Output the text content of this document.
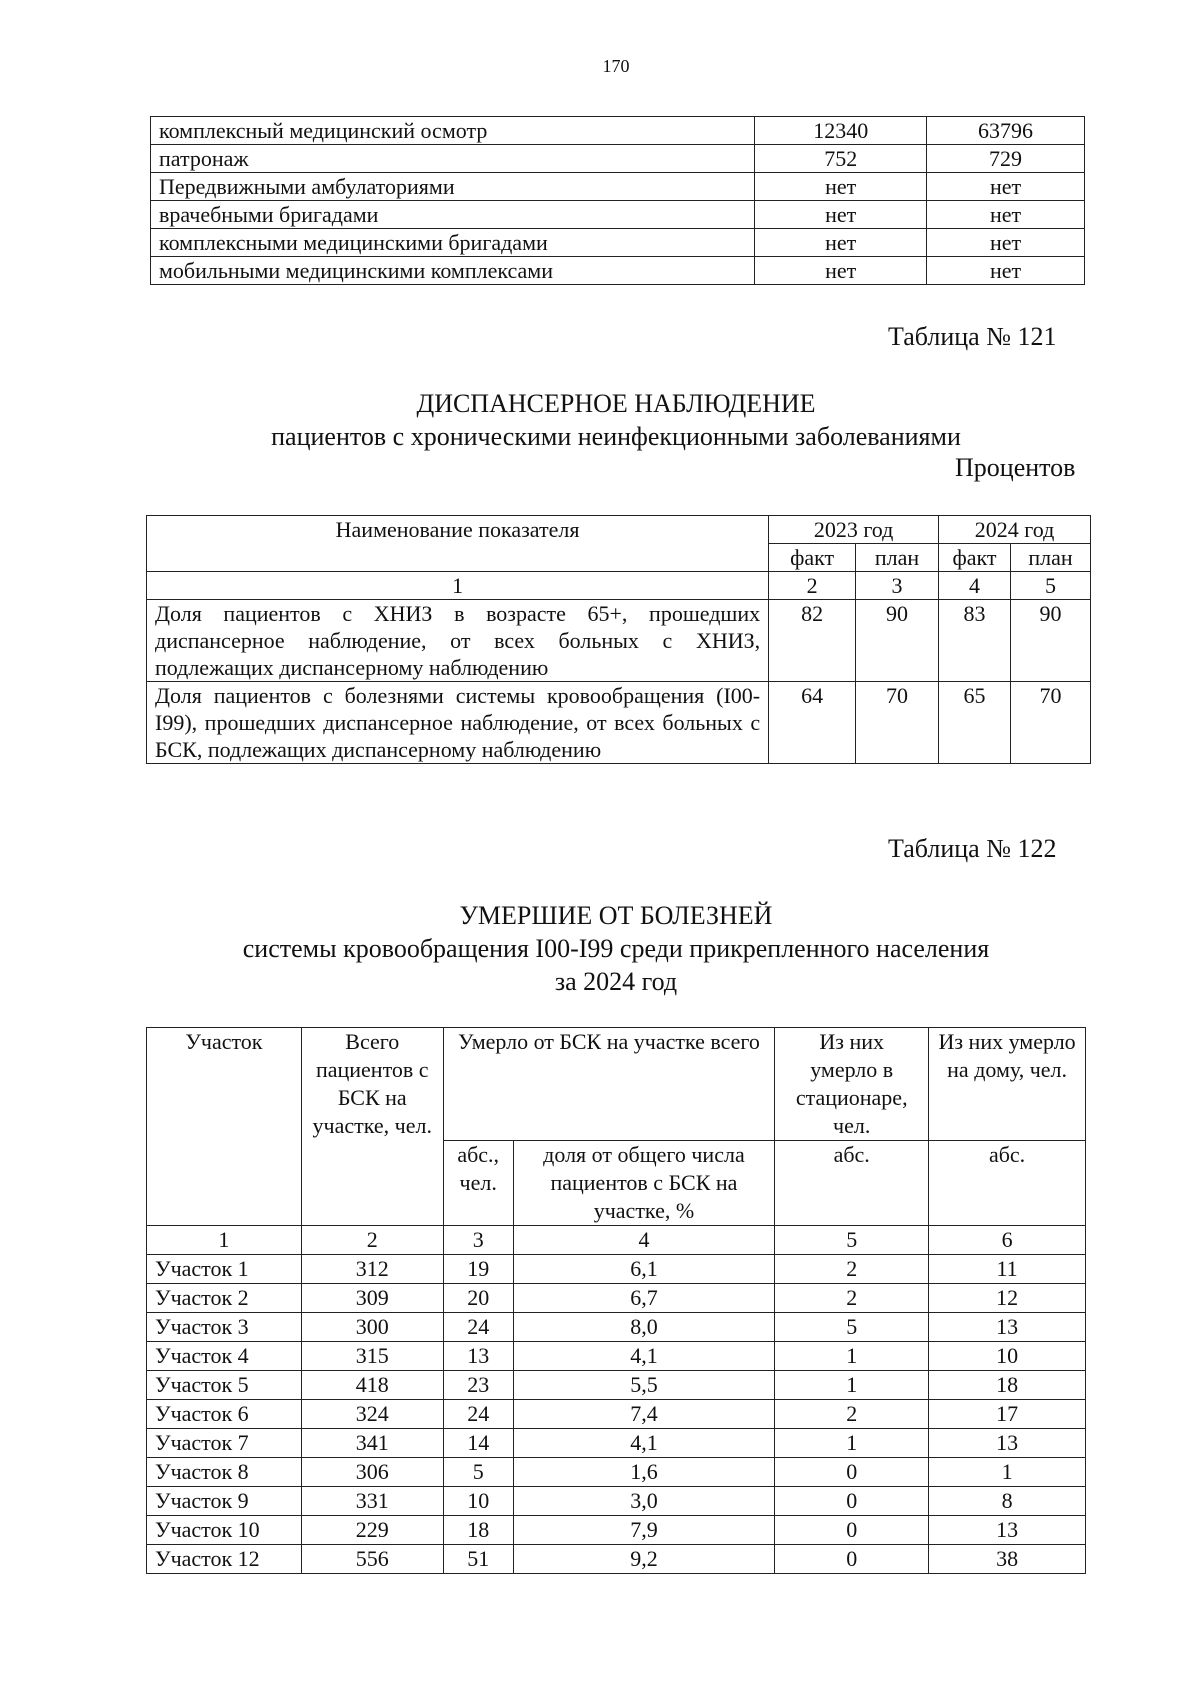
170
комплексный медицинский осмотр	12340	63796
патронаж	752	729
Передвижными амбулаториями	нет	нет
врачебными бригадами	нет	нет
комплексными медицинскими бригадами	нет	нет
мобильными медицинскими комплексами	нет	нет
Таблица № 121
ДИСПАНСЕРНОЕ НАБЛЮДЕНИЕ
пациентов с хроническими неинфекционными заболеваниями
Процентов
Наименование показателя	2023 год		2024 год	
	факт	план	факт	план
1	2	3	4	5
Доля пациентов с ХНИЗ в возрасте 65+, прошедших диспансерное наблюдение, от всех больных с ХНИЗ, подлежащих диспансерному наблюдению	82	90	83	90
Доля пациентов с болезнями системы кровообращения (I00-I99), прошедших диспансерное наблюдение, от всех больных с БСК, подлежащих диспансерному наблюдению	64	70	65	70
Таблица № 122
УМЕРШИЕ ОТ БОЛЕЗНЕЙ
системы кровообращения I00-I99 среди прикрепленного населения
за 2024 год
Участок	Всего пациентов с БСК на участке, чел.	Умерло от БСК на участке всего		Из них умерло в стационаре, чел.	Из них умерло на дому, чел.
		абс., чел.	доля от общего числа пациентов с БСК на участке, %	абс.	абс.
1	2	3	4	5	6
Участок 1	312	19	6,1	2	11
Участок 2	309	20	6,7	2	12
Участок 3	300	24	8,0	5	13
Участок 4	315	13	4,1	1	10
Участок 5	418	23	5,5	1	18
Участок 6	324	24	7,4	2	17
Участок 7	341	14	4,1	1	13
Участок 8	306	5	1,6	0	1
Участок 9	331	10	3,0	0	8
Участок 10	229	18	7,9	0	13
Участок 12	556	51	9,2	0	38
